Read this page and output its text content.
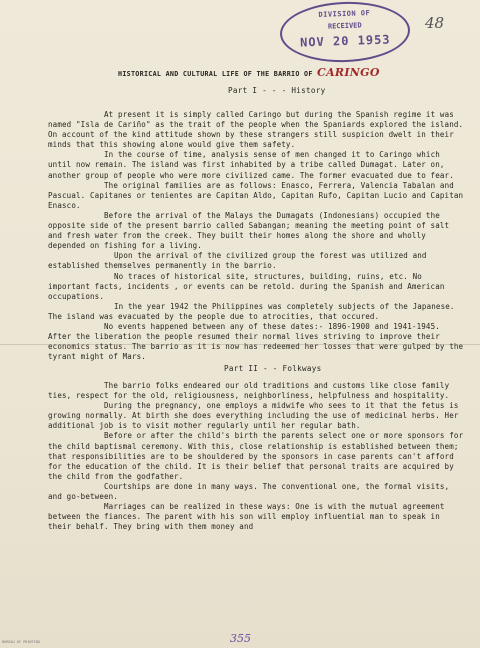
DIVISION OF
RECEIVED
NOV 20 1953
48
HISTORICAL AND CULTURAL LIFE OF THE BARRIO OF CARINGO
Part I - - - History

At present it is simply called Caringo but during the Spanish regime it was named "Isla de Cariño" as the trait of the people when the Spaniards explored the island. On account of the kind attitude shown by these strangers still suspicion dwelt in their minds that this showing alone would give them safety.

In the course of time, analysis sense of men changed it to Caringo which until now remain. The island was first inhabited by a tribe called Dumagat. Later on, another group of people who were more civilized came. The former evacuated due to fear.

The original families are as follows: Enasco, Ferrera, Valencia Tabalan and Pascual. Capitanes or tenientes are Capitan Aldo, Capitan Rufo, Capitan Lucio and Capitan Enasco.

Before the arrival of the Malays the Dumagats (Indonesians) occupied the opposite side of the present barrio called Sabangan; meaning the meeting point of salt and fresh water from the creek. They built their homes along the shore and wholly depended on fishing for a living.

Upon the arrival of the civilized group the forest was utilized and established themselves permanently in the barrio.

No traces of historical site, structures, building, ruins, etc. No important facts, incidents , or events can be retold. during the Spanish and American occupations.

In the year 1942 the Philippines was completely subjects of the Japanese. The island was evacuated by the people due to atrocities, that occured.

No events happened between any of these dates:- 1896-1900 and 1941-1945. After the liberation the people resumed their normal lives striving to improve their economics status. The barrio as it is now has redeemed her losses that were gulped by the tyrant might of Mars.

Part II - - Folkways

The barrio folks endeared our old traditions and customs like close family ties, respect for the old, religiousness, neighborliness, helpfulness and hospitality.

During the pregnancy, one employs a midwife who sees to it that the fetus is growing normally. At birth she does everything including the use of medicinal herbs. Her additional job is to visit mother regularly until her regular bath.

Before or after the child's birth the parents select one or more sponsors for the child baptismal ceremony. With this, close relationship is established between them; that responsibilities are to be shouldered by the sponsors in case parents can't afford for the education of the child. It is their belief that personal traits are acquired by the child from the godfather.

Courtships are done in many ways. The conventional one, the formal visits, and go-between.

Marriages can be realized in these ways: One is with the mutual agreement between the fiances. The parent with his son will employ influential man to speak in their behalf. They bring with them money and

355
BUREAU OF PRINTING
